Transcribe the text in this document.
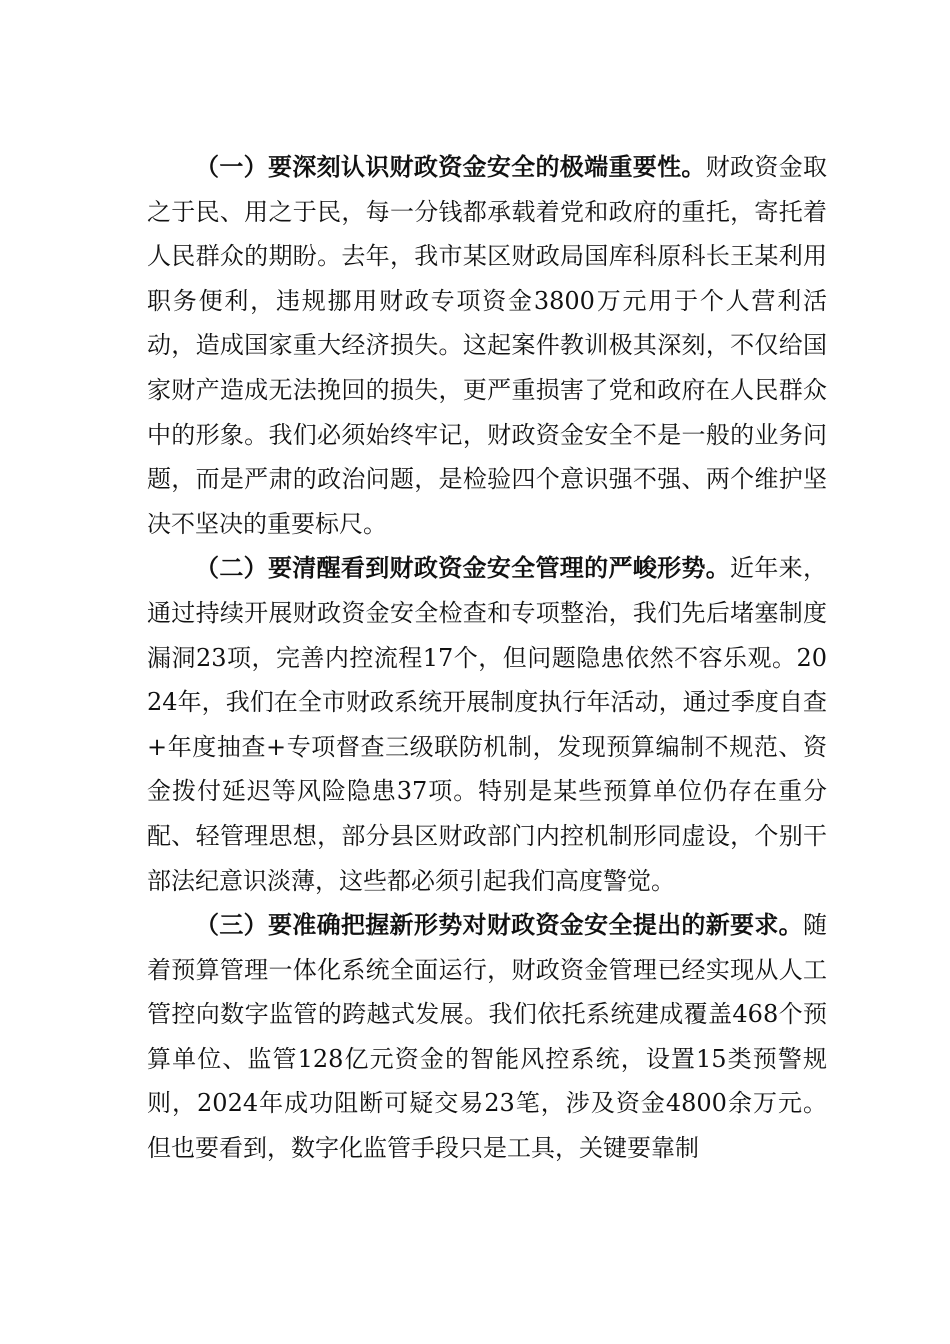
（一）要深刻认识财政资金安全的极端重要性。财政资金取之于民、用之于民，每一分钱都承载着党和政府的重托，寄托着人民群众的期盼。去年，我市某区财政局国库科原科长王某利用职务便利，违规挪用财政专项资金3800万元用于个人营利活动，造成国家重大经济损失。这起案件教训极其深刻，不仅给国家财产造成无法挽回的损失，更严重损害了党和政府在人民群众中的形象。我们必须始终牢记，财政资金安全不是一般的业务问题，而是严肃的政治问题，是检验四个意识强不强、两个维护坚决不坚决的重要标尺。

（二）要清醒看到财政资金安全管理的严峻形势。近年来，通过持续开展财政资金安全检查和专项整治，我们先后堵塞制度漏洞23项，完善内控流程17个，但问题隐患依然不容乐观。2024年，我们在全市财政系统开展制度执行年活动，通过季度自查+年度抽查+专项督查三级联防机制，发现预算编制不规范、资金拨付延迟等风险隐患37项。特别是某些预算单位仍存在重分配、轻管理思想，部分县区财政部门内控机制形同虚设，个别干部法纪意识淡薄，这些都必须引起我们高度警觉。

（三）要准确把握新形势对财政资金安全提出的新要求。随着预算管理一体化系统全面运行，财政资金管理已经实现从人工管控向数字监管的跨越式发展。我们依托系统建成覆盖468个预算单位、监管128亿元资金的智能风控系统，设置15类预警规则，2024年成功阻断可疑交易23笔，涉及资金4800余万元。但也要看到，数字化监管手段只是工具，关键要靠制
